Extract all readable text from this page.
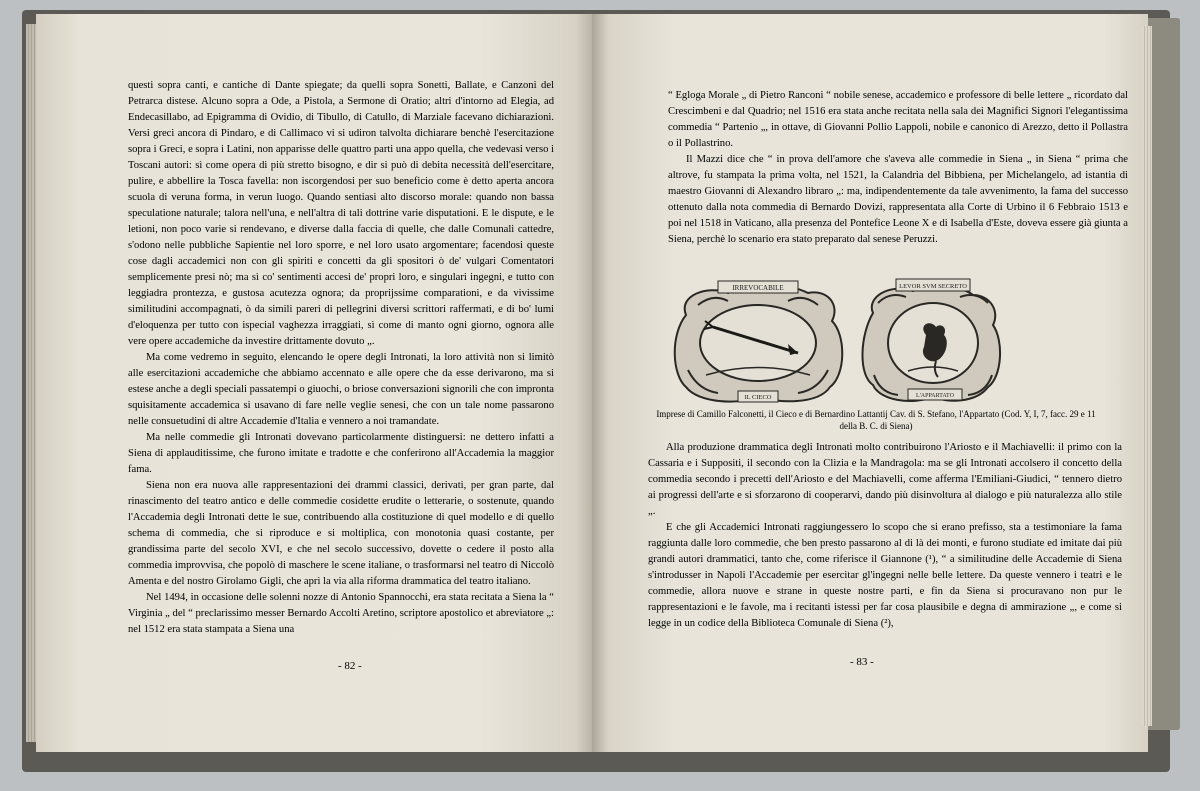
questi sopra canti, e cantiche di Dante spiegate; da quelli sopra Sonetti, Ballate, e Canzoni del Petrarca distese. Alcuno sopra a Ode, a Pistola, a Sermone di Oratio; altri d'intorno ad Elegia, ad Endecasillabo, ad Epigramma di Ovidio, di Tibullo, di Catullo, di Marziale facevano dichiarazioni. Versi greci ancora di Pindaro, e di Callimaco vi si udiron talvolta dichiarare benchè l'esercitazione sopra i Greci, e sopra i Latini, non apparisse delle quattro parti una appo quella, che vedevasi verso i Toscani autori: sì come opera di più stretto bisogno, e dir si può di debita necessità dell'esercitare, pulire, e abbellire la Tosca favella: non iscorgendosi per suo beneficio come è detto aperta ancora scuola di veruna forma, in verun luogo. Quando sentiasi alto discorso morale: quando non bassa speculatione naturale; talora nell'una, e nell'altra di tali dottrine varie disputationi. E le dispute, e le letioni, non poco varie si rendevano, e diverse dalla faccia di quelle, che dalle Comunali cattedre, s'odono nelle pubbliche Sapientie nel loro sporre, e nel loro usato argomentare; facendosi queste cose dagli accademici non con gli spiriti e concetti da gli spositori ò de' vulgari Comentatori semplicemente presi nò; ma sì co' sentimenti accesi de' propri loro, e singulari ingegni, e tutto con leggiadra prontezza, e gustosa acutezza ognora; da proprijssime comparationi, e da vivissime similitudini accompagnati, ò da simili pareri di pellegrini diversi scrittori raffermati, e di bo' lumi d'eloquenza per tutto con ispecial vaghezza irraggiati, sì come di manto ogni giorno, ognora alle vere opere accademiche da investire drittamente dovuto „.

Ma come vedremo in seguito, elencando le opere degli Intronati, la loro attività non si limitò alle esercitazioni accademiche che abbiamo accennato e alle opere che da esse derivarono, ma si estese anche a degli speciali passatempi o giuochi, o briose conversazioni signorili che con impronta squisitamente accademica si usavano di fare nelle veglie senesi, che con un tale nome passarono nelle consuetudini di altre Accademie d'Italia e vennero a noi tramandate.

Ma nelle commedie gli Intronati dovevano particolarmente distinguersi: ne dettero infatti a Siena di applauditissime, che furono imitate e tradotte e che conferirono all'Accademia la maggior fama.

Siena non era nuova alle rappresentazioni dei drammi classici, derivati, per gran parte, dal rinascimento del teatro antico e delle commedie cosidette erudite o letterarie, o sostenute, quando l'Accademia degli Intronati dette le sue, contribuendo alla costituzione di quel modello e di quello schema di commedia, che si riproduce e si moltiplica, con monotonia quasi costante, per grandissima parte del secolo XVI, e che nel secolo successivo, dovette o cedere il posto alla commedia improvvisa, che popolò di maschere le scene italiane, o trasformarsi nel teatro di Niccolò Amenta e del nostro Girolamo Gigli, che aprì la via alla riforma drammatica del teatro italiano.

Nel 1494, in occasione delle solenni nozze di Antonio Spannocchi, era stata recitata a Siena la “ Virginia „ del “ preclarissimo messer Bernardo Accolti Aretino, scriptore apostolico et abreviatore „: nel 1512 era stata stampata a Siena una

- 82 -

“ Egloga Morale „ di Pietro Ranconi “ nobile senese, accademico e professore di belle lettere „ ricordato dal Crescimbeni e dal Quadrio; nel 1516 era stata anche recitata nella sala dei Magnifici Signori l'elegantissima commedia “ Partenio „, in ottave, di Giovanni Pollio Lappoli, nobile e canonico di Arezzo, detto il Pollastra o il Pollastrino.

Il Mazzi dice che “ in prova dell'amore che s'aveva alle commedie in Siena „ in Siena “ prima che altrove, fu stampata la prima volta, nel 1521, la Calandria del Bibbiena, per Michelangelo, ad istantia di maestro Giovanni di Alexandro libraro „: ma, indipendentemente da tale avvenimento, la fama del successo ottenuto dalla nota commedia di Bernardo Dovizi, rappresentata alla Corte di Urbino il 6 Febbraio 1513 e poi nel 1518 in Vaticano, alla presenza del Pontefice Leone X e di Isabella d'Este, doveva essere già giunta a Siena, perchè lo scenario era stato preparato dal senese Peruzzi.

IRREVOCABILE
IL CIECO
LEVOR SVM SECRETO
L'APPARTATO
Imprese di Camillo Falconetti, il Cieco e di Bernardino Lattantij Cav. di S. Stefano, l'Appartato (Cod. Y, I, 7, facc. 29 e 11 della B. C. di Siena)

Alla produzione drammatica degli Intronati molto contribuirono l'Ariosto e il Machiavelli: il primo con la Cassaria e i Suppositi, il secondo con la Clizia e la Mandragola: ma se gli Intronati accolsero il concetto della commedia secondo i precetti dell'Ariosto e del Machiavelli, come afferma l'Emiliani-Giudici, “ tennero dietro ai progressi dell'arte e si sforzarono di cooperarvi, dando più disinvoltura al dialogo e più naturalezza allo stile „.

E che gli Accademici Intronati raggiungessero lo scopo che si erano prefisso, sta a testimoniare la fama raggiunta dalle loro commedie, che ben presto passarono al di là dei monti, e furono studiate ed imitate dai più grandi autori drammatici, tanto che, come riferisce il Giannone (¹), “ a similitudine delle Accademie di Siena s'introdusser in Napoli l'Accademie per esercitar gl'ingegni nelle belle lettere. Da queste vennero i teatri e le commedie, allora nuove e strane in queste nostre parti, e fin da Siena si procuravano non pur le rappresentazioni e le favole, ma i recitanti istessi per far cosa plausibile e degna di ammirazione „, e come si legge in un codice della Biblioteca Comunale di Siena (²),

- 83 -
